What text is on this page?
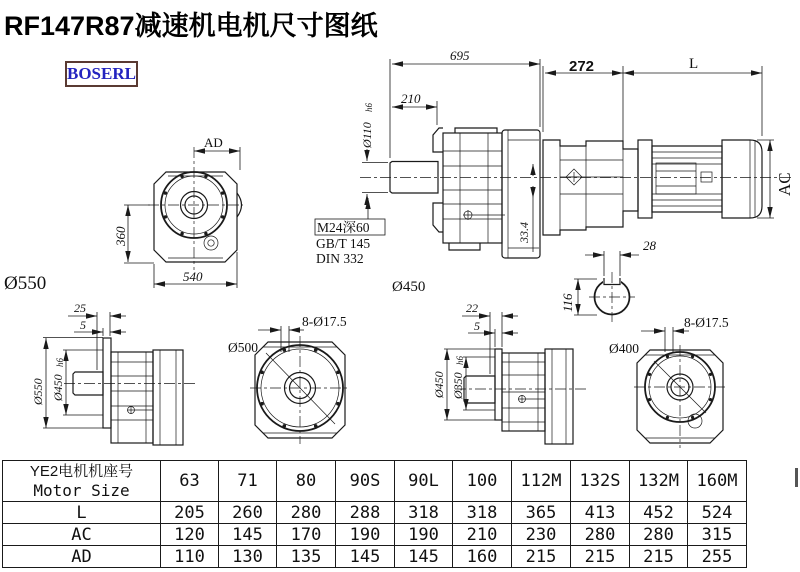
RF147R87减速机电机尺寸图纸
BOSERL
AD
360
540
Ø550
33.4
695
210
Ø110
h6
M24深60
GB/T 145
DIN 332
Ø450
272	L
AC
28
116
25
5
Ø550 Ø450
h6
8-Ø17.5
Ø500
22
5
Ø450 Ø350
h6
8-Ø17.5
Ø400
YE2电机机座号
Motor Size	63	71	80	90S	90L	100	112M	132S	132M	160M
L	205	260	280	288	318	318	365	413	452	524
AC	120	145	170	190	190	210	230	280	280	315
AD	110	130	135	145	145	160	215	215	215	255
